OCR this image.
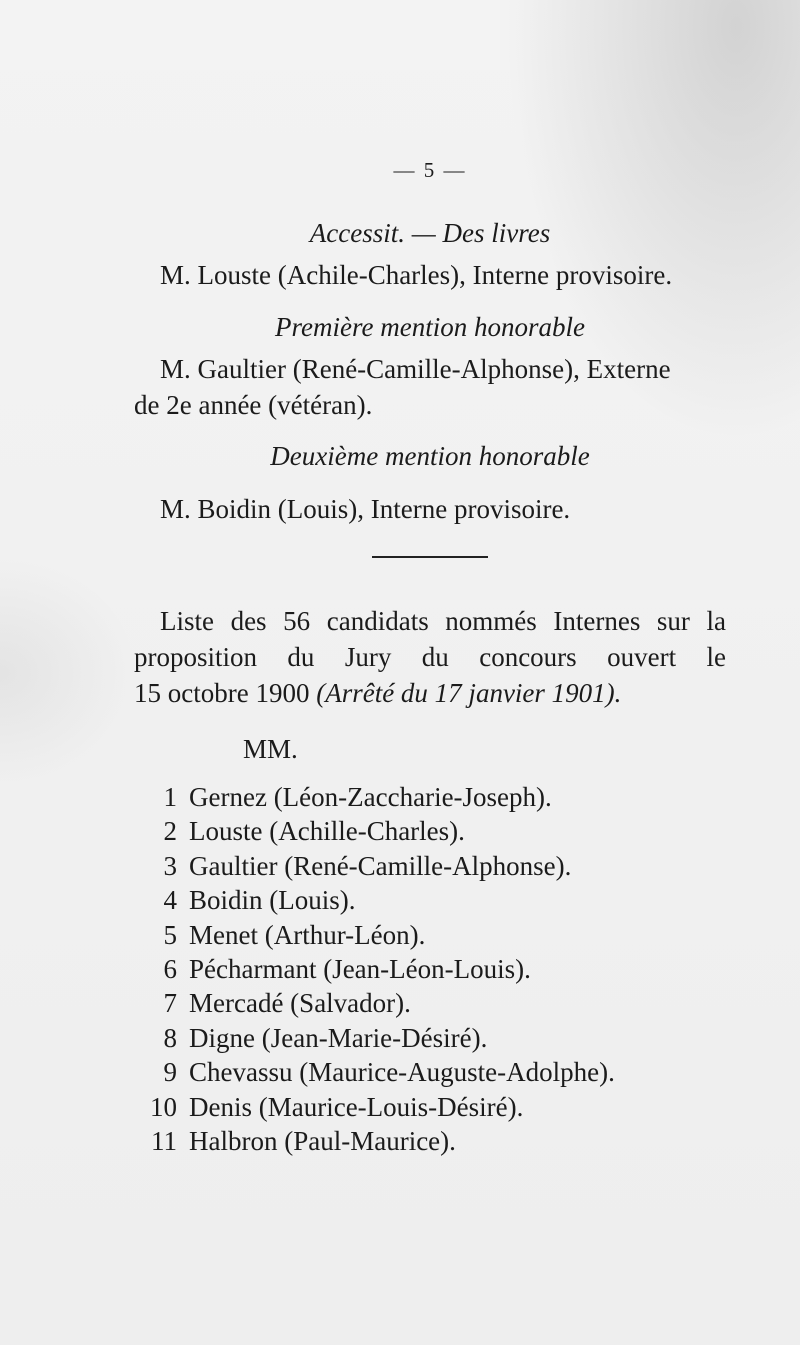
— 5 —
Accessit. — Des livres
M. Louste (Achile-Charles), Interne provisoire.
Première mention honorable
M. Gaultier (René-Camille-Alphonse), Externe
de 2e année (vétéran).
Deuxième mention honorable
M. Boidin (Louis), Interne provisoire.
Liste des 56 candidats nommés Internes sur la
proposition du Jury du concours ouvert le
15 octobre 1900 (Arrêté du 17 janvier 1901).
MM.
1 Gernez (Léon-Zaccharie-Joseph).
2 Louste (Achille-Charles).
3 Gaultier (René-Camille-Alphonse).
4 Boidin (Louis).
5 Menet (Arthur-Léon).
6 Pécharmant (Jean-Léon-Louis).
7 Mercadé (Salvador).
8 Digne (Jean-Marie-Désiré).
9 Chevassu (Maurice-Auguste-Adolphe).
10 Denis (Maurice-Louis-Désiré).
11 Halbron (Paul-Maurice).
